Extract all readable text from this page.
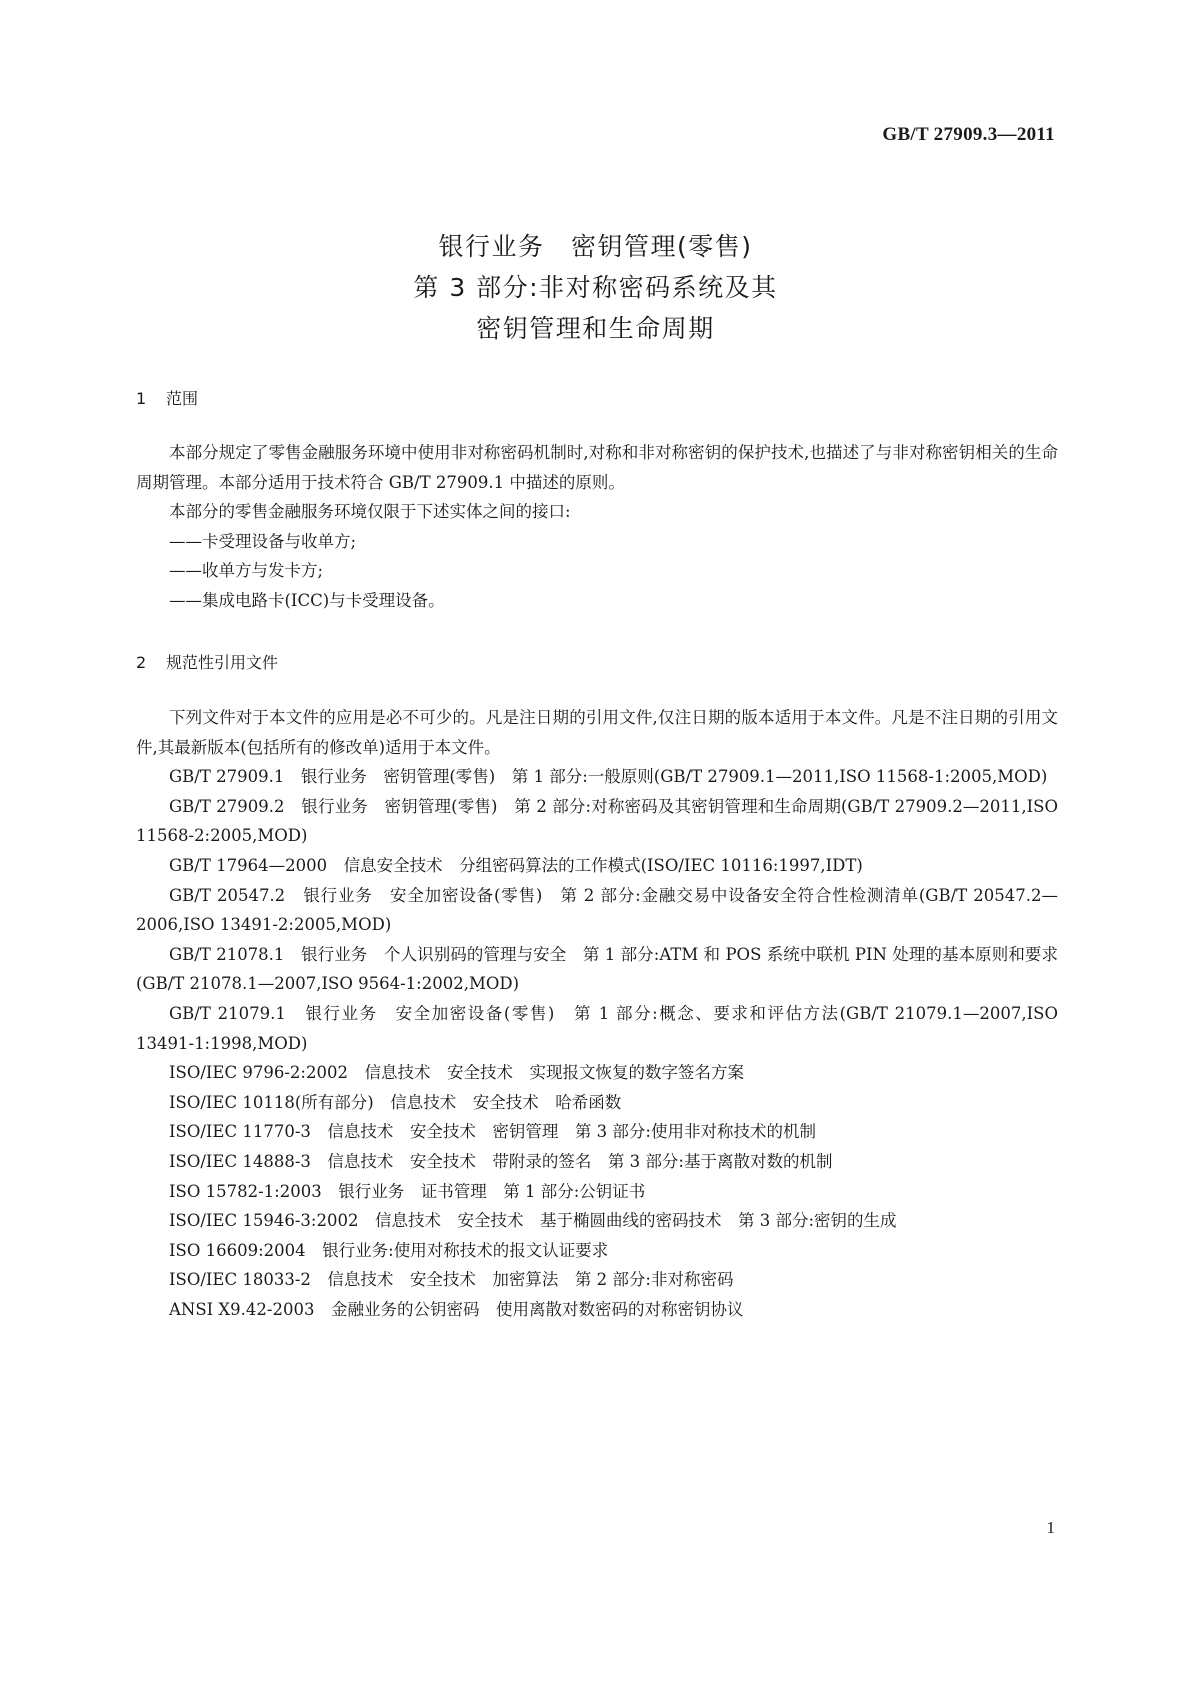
GB/T 27909.3—2011
银行业务　密钥管理(零售)
第 3 部分:非对称密码系统及其
密钥管理和生命周期
1 范围

本部分规定了零售金融服务环境中使用非对称密码机制时,对称和非对称密钥的保护技术,也描述了与非对称密钥相关的生命周期管理。本部分适用于技术符合 GB/T 27909.1 中描述的原则。

本部分的零售金融服务环境仅限于下述实体之间的接口:

——卡受理设备与收单方;

——收单方与发卡方;

——集成电路卡(ICC)与卡受理设备。

2 规范性引用文件

下列文件对于本文件的应用是必不可少的。凡是注日期的引用文件,仅注日期的版本适用于本文件。凡是不注日期的引用文件,其最新版本(包括所有的修改单)适用于本文件。

GB/T 27909.1　银行业务　密钥管理(零售)　第 1 部分:一般原则(GB/T 27909.1—2011,ISO 11568-1:2005,MOD)

GB/T 27909.2　银行业务　密钥管理(零售)　第 2 部分:对称密码及其密钥管理和生命周期(GB/T 27909.2—2011,ISO 11568-2:2005,MOD)

GB/T 17964—2000　信息安全技术　分组密码算法的工作模式(ISO/IEC 10116:1997,IDT)

GB/T 20547.2　银行业务　安全加密设备(零售)　第 2 部分:金融交易中设备安全符合性检测清单(GB/T 20547.2—2006,ISO 13491-2:2005,MOD)

GB/T 21078.1　银行业务　个人识别码的管理与安全　第 1 部分:ATM 和 POS 系统中联机 PIN 处理的基本原则和要求(GB/T 21078.1—2007,ISO 9564-1:2002,MOD)

GB/T 21079.1　银行业务　安全加密设备(零售)　第 1 部分:概念、要求和评估方法(GB/T 21079.1—2007,ISO 13491-1:1998,MOD)

ISO/IEC 9796-2:2002　信息技术　安全技术　实现报文恢复的数字签名方案

ISO/IEC 10118(所有部分)　信息技术　安全技术　哈希函数

ISO/IEC 11770-3　信息技术　安全技术　密钥管理　第 3 部分:使用非对称技术的机制

ISO/IEC 14888-3　信息技术　安全技术　带附录的签名　第 3 部分:基于离散对数的机制

ISO 15782-1:2003　银行业务　证书管理　第 1 部分:公钥证书

ISO/IEC 15946-3:2002　信息技术　安全技术　基于椭圆曲线的密码技术　第 3 部分:密钥的生成

ISO 16609:2004　银行业务:使用对称技术的报文认证要求

ISO/IEC 18033-2　信息技术　安全技术　加密算法　第 2 部分:非对称密码

ANSI X9.42-2003　金融业务的公钥密码　使用离散对数密码的对称密钥协议

1
